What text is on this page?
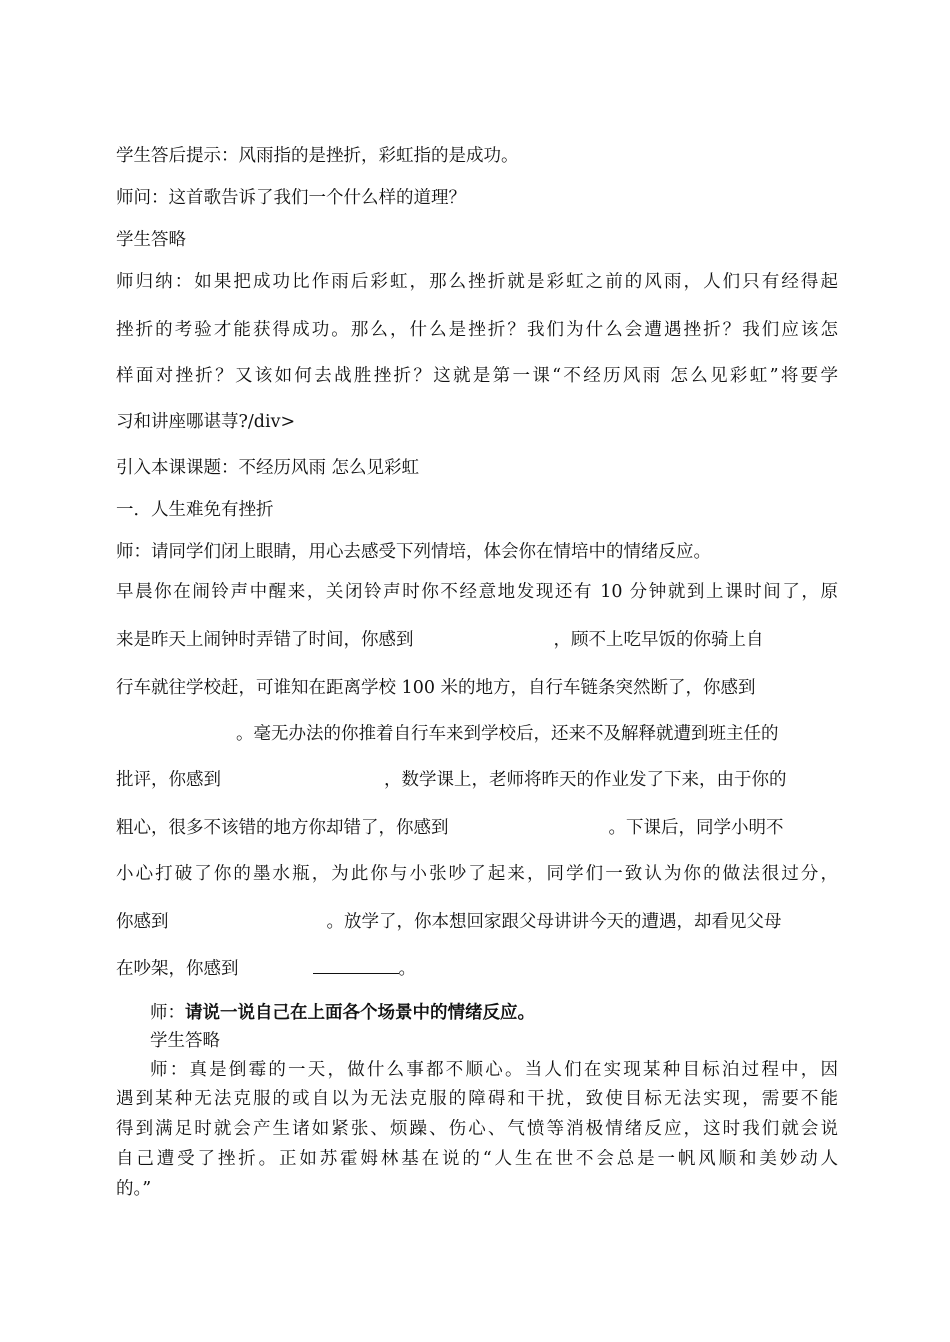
学生答后提示：风雨指的是挫折，彩虹指的是成功。
师问：这首歌告诉了我们一个什么样的道理？
学生答略
师归纳：如果把成功比作雨后彩虹，那么挫折就是彩虹之前的风雨，人们只有经得起
挫折的考验才能获得成功。那么，什么是挫折？我们为什么会遭遇挫折？我们应该怎
样面对挫折？又该如何去战胜挫折？这就是第一课“不经历风雨 怎么见彩虹”将要学
习和讲座哪谌荨?/div>
引入本课课题：不经历风雨 怎么见彩虹
一．人生难免有挫折
师：请同学们闭上眼睛，用心去感受下列情培，体会你在情培中的情绪反应。
早晨你在闹铃声中醒来，关闭铃声时你不经意地发现还有 10 分钟就到上课时间了，原
来是昨天上闹钟时弄错了时间，你感到	，顾不上吃早饭的你骑上自
行车就往学校赶，可谁知在距离学校 100 米的地方，自行车链条突然断了，你感到
。毫无办法的你推着自行车来到学校后，还来不及解释就遭到班主任的
批评，你感到	，数学课上，老师将昨天的作业发了下来，由于你的
粗心，很多不该错的地方你却错了，你感到	。下课后，同学小明不
小心打破了你的墨水瓶，为此你与小张吵了起来，同学们一致认为你的做法很过分，
你感到	。放学了，你本想回家跟父母讲讲今天的遭遇，却看见父母
在吵架，你感到	。
师：请说一说自己在上面各个场景中的情绪反应。
学生答略
师：真是倒霉的一天，做什么事都不顺心。当人们在实现某种目标泊过程中，因
遇到某种无法克服的或自以为无法克服的障碍和干扰，致使目标无法实现，需要不能
得到满足时就会产生诸如紧张、烦躁、伤心、气愤等消极情绪反应，这时我们就会说
自己遭受了挫折。正如苏霍姆林基在说的“人生在世不会总是一帆风顺和美妙动人
的。”
